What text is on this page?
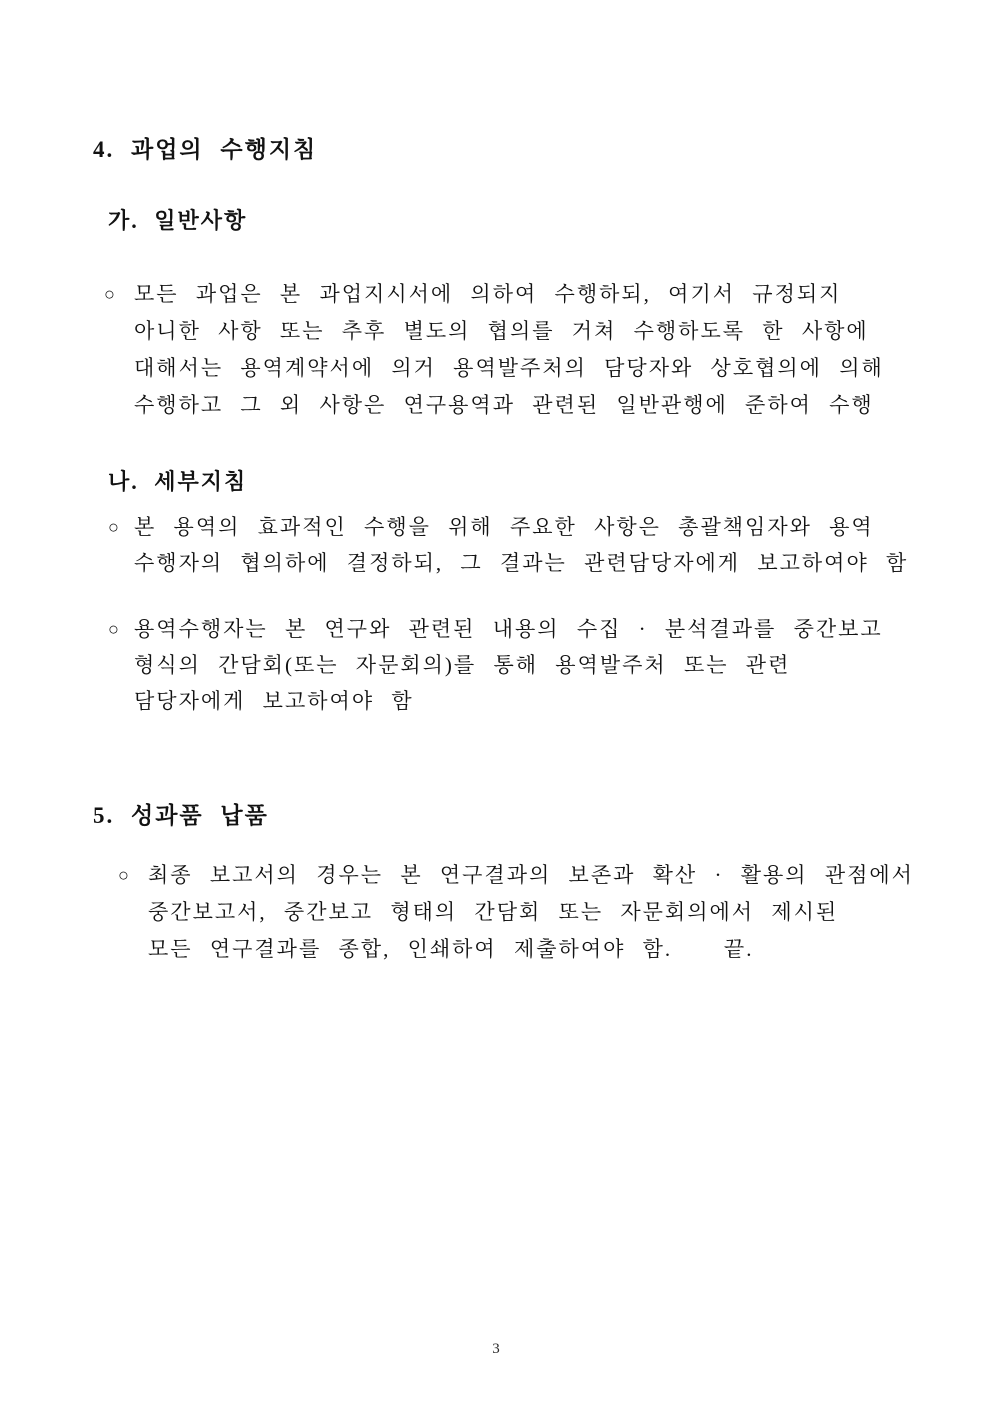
4. 과업의 수행지침
가. 일반사항
○ 모든 과업은 본 과업지시서에 의하여 수행하되, 여기서 규정되지
아니한 사항 또는 추후 별도의 협의를 거쳐 수행하도록 한 사항에
대해서는 용역계약서에 의거 용역발주처의 담당자와 상호협의에 의해
수행하고 그 외 사항은 연구용역과 관련된 일반관행에 준하여 수행
나. 세부지침
○ 본 용역의 효과적인 수행을 위해 주요한 사항은 총괄책임자와 용역
수행자의 협의하에 결정하되, 그 결과는 관련담당자에게 보고하여야 함
○ 용역수행자는 본 연구와 관련된 내용의 수집 · 분석결과를 중간보고
형식의 간담회(또는 자문회의)를 통해 용역발주처 또는 관련
담당자에게 보고하여야 함
5. 성과품 납품
○ 최종 보고서의 경우는 본 연구결과의 보존과 확산 · 활용의 관점에서
중간보고서, 중간보고 형태의 간담회 또는 자문회의에서 제시된
모든 연구결과를 종합, 인쇄하여 제출하여야 함.   끝.
3
